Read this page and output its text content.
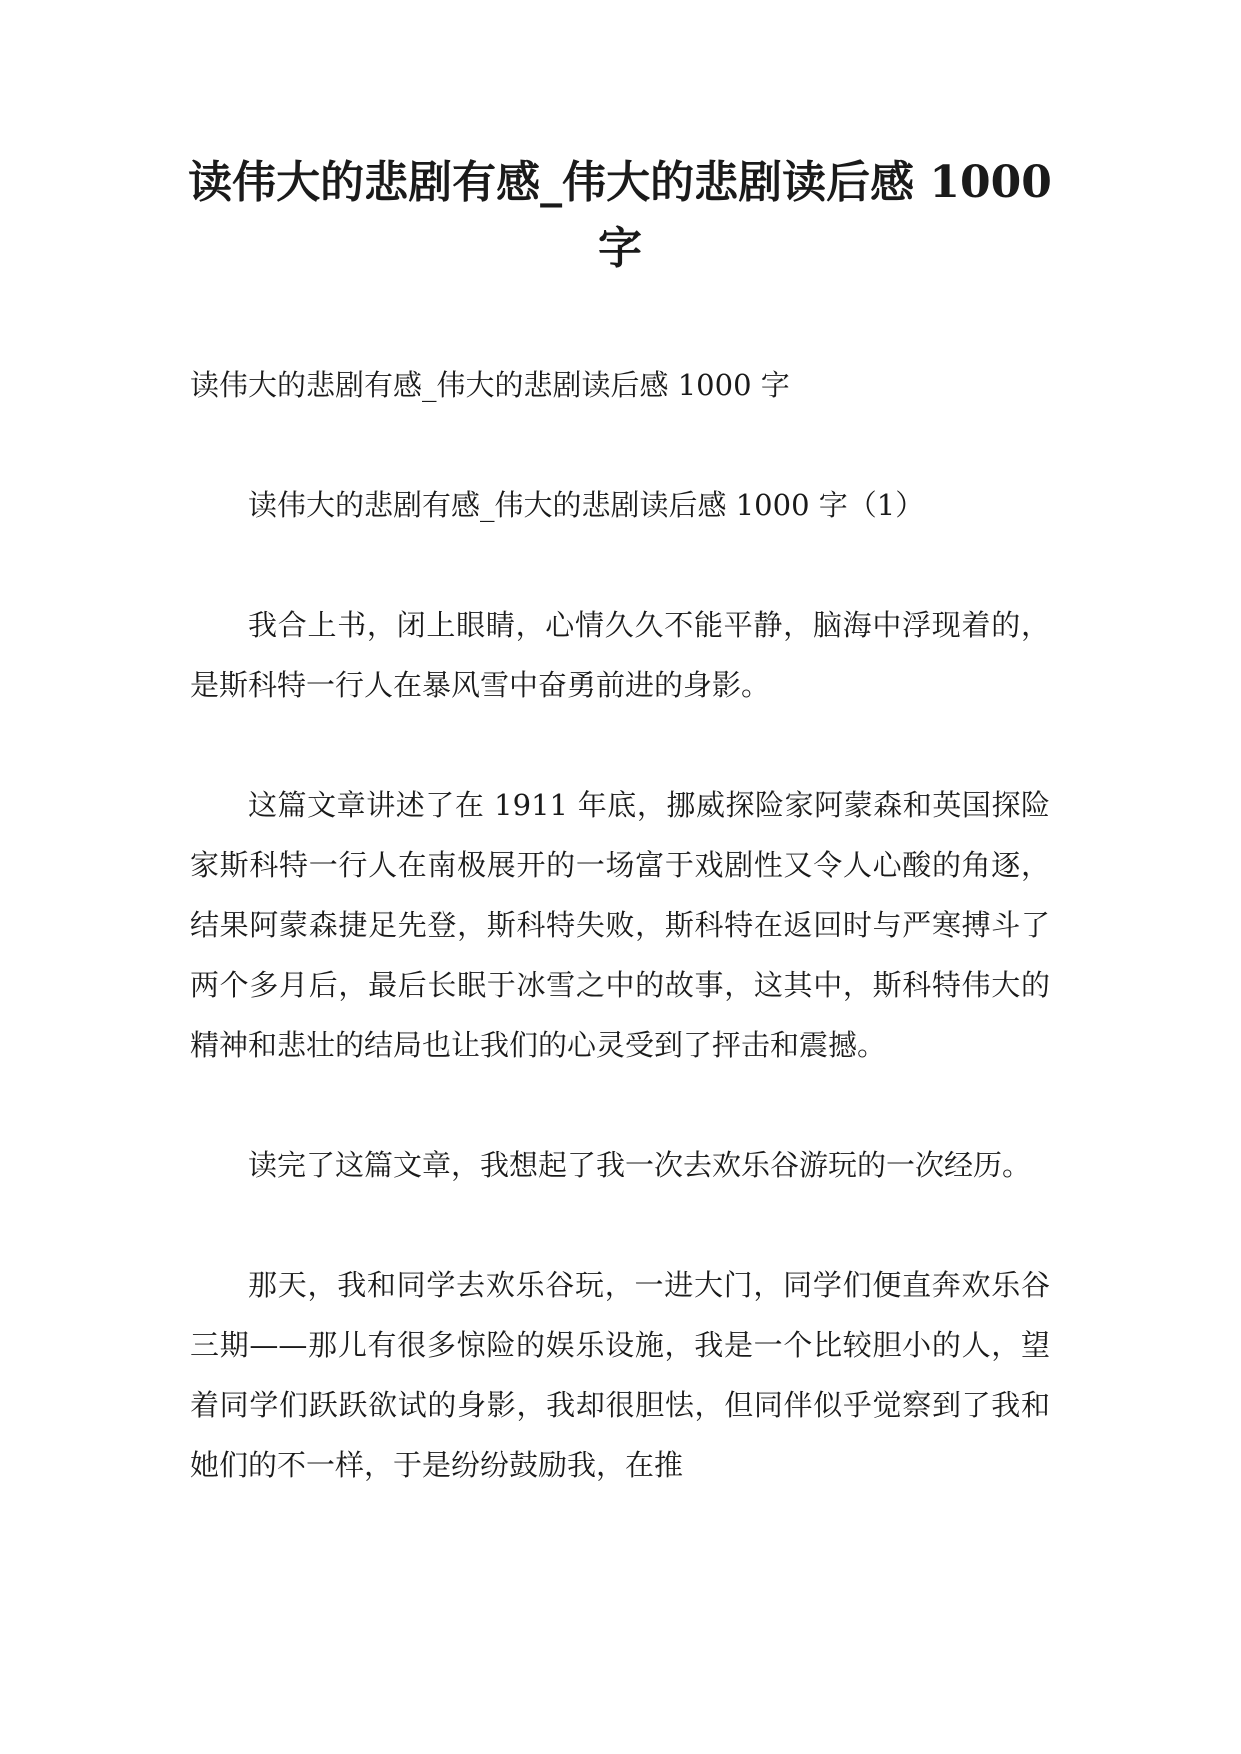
读伟大的悲剧有感_伟大的悲剧读后感 1000 字

读伟大的悲剧有感_伟大的悲剧读后感 1000 字

读伟大的悲剧有感_伟大的悲剧读后感 1000 字（1）

我合上书，闭上眼睛，心情久久不能平静，脑海中浮现着的，是斯科特一行人在暴风雪中奋勇前进的身影。

这篇文章讲述了在 1911 年底，挪威探险家阿蒙森和英国探险家斯科特一行人在南极展开的一场富于戏剧性又令人心酸的角逐，结果阿蒙森捷足先登，斯科特失败，斯科特在返回时与严寒搏斗了两个多月后，最后长眠于冰雪之中的故事，这其中，斯科特伟大的精神和悲壮的结局也让我们的心灵受到了抨击和震撼。

读完了这篇文章，我想起了我一次去欢乐谷游玩的一次经历。

那天，我和同学去欢乐谷玩，一进大门，同学们便直奔欢乐谷三期——那儿有很多惊险的娱乐设施，我是一个比较胆小的人，望着同学们跃跃欲试的身影，我却很胆怯，但同伴似乎觉察到了我和她们的不一样，于是纷纷鼓励我，在推
